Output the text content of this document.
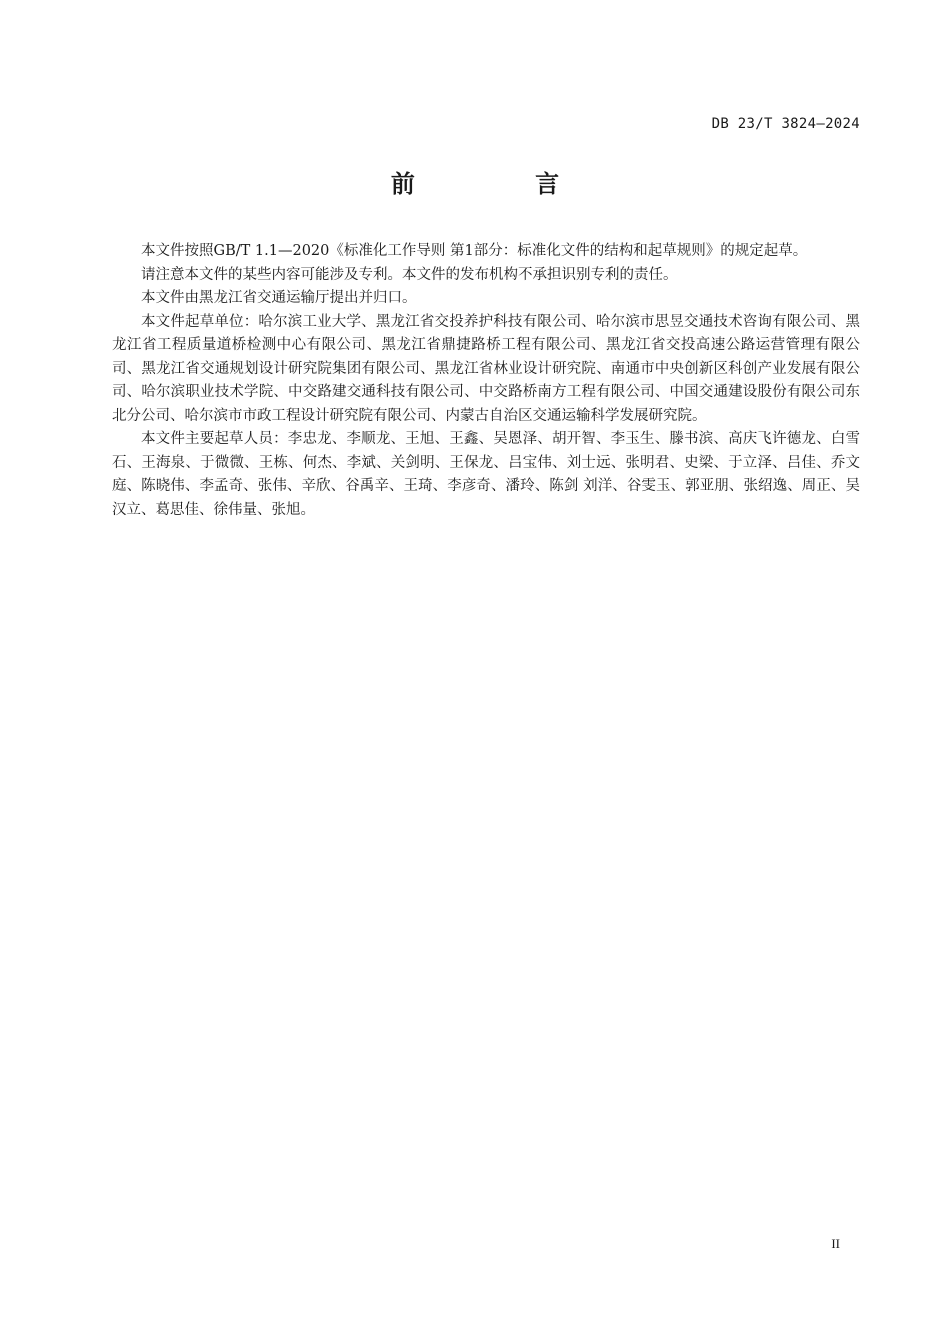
DB 23/T 3824—2024
前 言

本文件按照GB/T 1.1—2020《标准化工作导则 第1部分：标准化文件的结构和起草规则》的规定起草。

请注意本文件的某些内容可能涉及专利。本文件的发布机构不承担识别专利的责任。

本文件由黑龙江省交通运输厅提出并归口。

本文件起草单位：哈尔滨工业大学、黑龙江省交投养护科技有限公司、哈尔滨市思昱交通技术咨询有限公司、黑龙江省工程质量道桥检测中心有限公司、黑龙江省鼎捷路桥工程有限公司、黑龙江省交投高速公路运营管理有限公司、黑龙江省交通规划设计研究院集团有限公司、黑龙江省林业设计研究院、南通市中央创新区科创产业发展有限公司、哈尔滨职业技术学院、中交路建交通科技有限公司、中交路桥南方工程有限公司、中国交通建设股份有限公司东北分公司、哈尔滨市市政工程设计研究院有限公司、内蒙古自治区交通运输科学发展研究院。

本文件主要起草人员：李忠龙、李顺龙、王旭、王鑫、吴恩泽、胡开智、李玉生、滕书滨、高庆飞许德龙、白雪石、王海泉、于微微、王栋、何杰、李斌、关剑明、王保龙、吕宝伟、刘士远、张明君、史梁、于立泽、吕佳、乔文庭、陈晓伟、李孟奇、张伟、辛欣、谷禹辛、王琦、李彦奇、潘玲、陈剑 刘洋、谷雯玉、郭亚朋、张绍逸、周正、吴汉立、葛思佳、徐伟量、张旭。

II
